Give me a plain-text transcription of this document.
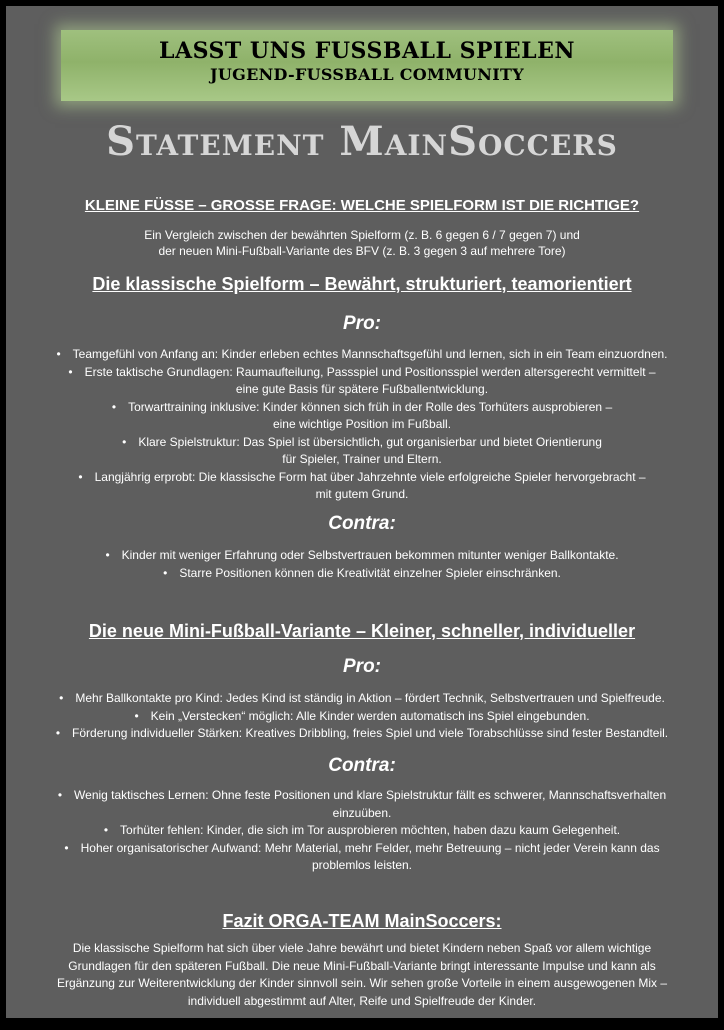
LASST UNS FUSSBALL SPIELEN
JUGEND-FUSSBALL COMMUNITY
Statement MainSoccers
KLEINE FÜSSE – GROSSE FRAGE: WELCHE SPIELFORM IST DIE RICHTIGE?
Ein Vergleich zwischen der bewährten Spielform (z. B. 6 gegen 6 / 7 gegen 7) und
der neuen Mini-Fußball-Variante des BFV (z. B. 3 gegen 3 auf mehrere Tore)
Die klassische Spielform – Bewährt, strukturiert, teamorientiert
Pro:
• Teamgefühl von Anfang an: Kinder erleben echtes Mannschaftsgefühl und lernen, sich in ein Team einzuordnen.
• Erste taktische Grundlagen: Raumaufteilung, Passspiel und Positionsspiel werden altersgerecht vermittelt –
eine gute Basis für spätere Fußballentwicklung.
• Torwarttraining inklusive: Kinder können sich früh in der Rolle des Torhüters ausprobieren –
eine wichtige Position im Fußball.
• Klare Spielstruktur: Das Spiel ist übersichtlich, gut organisierbar und bietet Orientierung
für Spieler, Trainer und Eltern.
• Langjährig erprobt: Die klassische Form hat über Jahrzehnte viele erfolgreiche Spieler hervorgebracht –
mit gutem Grund.
Contra:
• Kinder mit weniger Erfahrung oder Selbstvertrauen bekommen mitunter weniger Ballkontakte.
• Starre Positionen können die Kreativität einzelner Spieler einschränken.
Die neue Mini-Fußball-Variante – Kleiner, schneller, individueller
Pro:
• Mehr Ballkontakte pro Kind: Jedes Kind ist ständig in Aktion – fördert Technik, Selbstvertrauen und Spielfreude.
• Kein „Verstecken“ möglich: Alle Kinder werden automatisch ins Spiel eingebunden.
• Förderung individueller Stärken: Kreatives Dribbling, freies Spiel und viele Torabschlüsse sind fester Bestandteil.
Contra:
• Wenig taktisches Lernen: Ohne feste Positionen und klare Spielstruktur fällt es schwerer, Mannschaftsverhalten
einzuüben.
• Torhüter fehlen: Kinder, die sich im Tor ausprobieren möchten, haben dazu kaum Gelegenheit.
• Hoher organisatorischer Aufwand: Mehr Material, mehr Felder, mehr Betreuung – nicht jeder Verein kann das
problemlos leisten.
Fazit ORGA-TEAM MainSoccers:
Die klassische Spielform hat sich über viele Jahre bewährt und bietet Kindern neben Spaß vor allem wichtige
Grundlagen für den späteren Fußball. Die neue Mini-Fußball-Variante bringt interessante Impulse und kann als
Ergänzung zur Weiterentwicklung der Kinder sinnvoll sein. Wir sehen große Vorteile in einem ausgewogenen Mix –
individuell abgestimmt auf Alter, Reife und Spielfreude der Kinder.
